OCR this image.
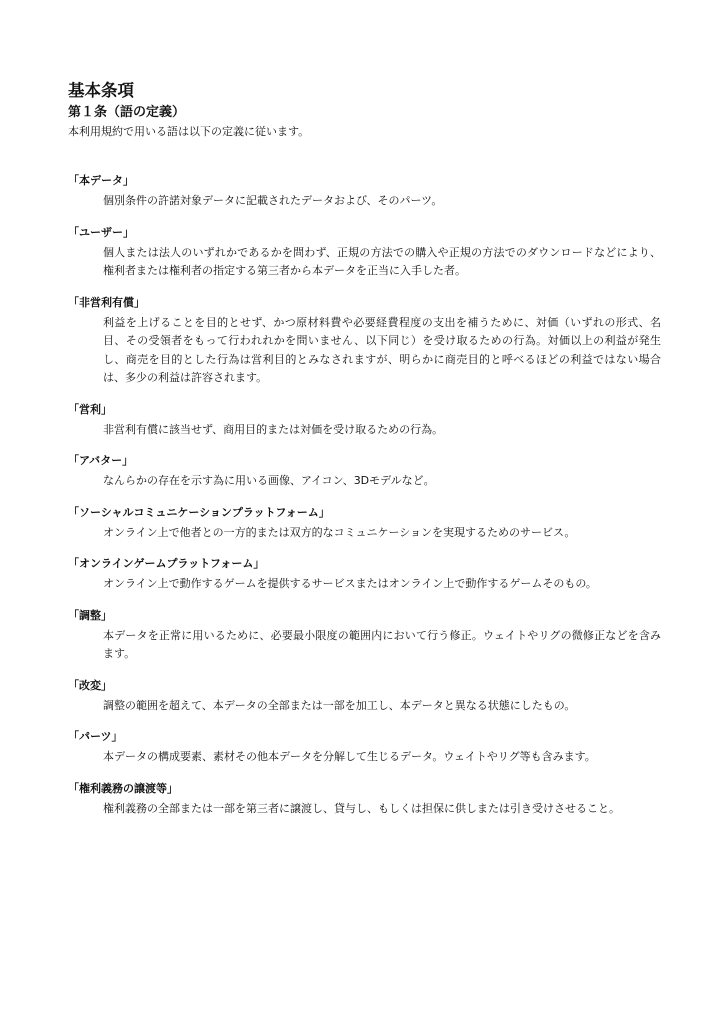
基本条項
第１条（語の定義）

本利用規約で用いる語は以下の定義に従います。

「本データ」

個別条件の許諾対象データに記載されたデータおよび、そのパーツ。

「ユーザー」

個人または法人のいずれかであるかを問わず、正規の方法での購入や正規の方法でのダウンロードなどにより、権利者または権利者の指定する第三者から本データを正当に入手した者。

「非営利有償」

利益を上げることを目的とせず、かつ原材料費や必要経費程度の支出を補うために、対価（いずれの形式、名目、その受領者をもって行われれかを問いません、以下同じ）を受け取るための行為。対価以上の利益が発生し、商売を目的とした行為は営利目的とみなされますが、明らかに商売目的と呼べるほどの利益ではない場合は、多少の利益は許容されます。

「営利」

非営利有償に該当せず、商用目的または対価を受け取るための行為。

「アバター」

なんらかの存在を示す為に用いる画像、アイコン、3Dモデルなど。

「ソーシャルコミュニケーションプラットフォーム」

オンライン上で他者との一方的または双方的なコミュニケーションを実現するためのサービス。

「オンラインゲームプラットフォーム」

オンライン上で動作するゲームを提供するサービスまたはオンライン上で動作するゲームそのもの。

「調整」

本データを正常に用いるために、必要最小限度の範囲内において行う修正。ウェイトやリグの微修正などを含みます。

「改変」

調整の範囲を超えて、本データの全部または一部を加工し、本データと異なる状態にしたもの。

「パーツ」

本データの構成要素、素材その他本データを分解して生じるデータ。ウェイトやリグ等も含みます。

「権利義務の譲渡等」

権利義務の全部または一部を第三者に譲渡し、貸与し、もしくは担保に供しまたは引き受けさせること。
